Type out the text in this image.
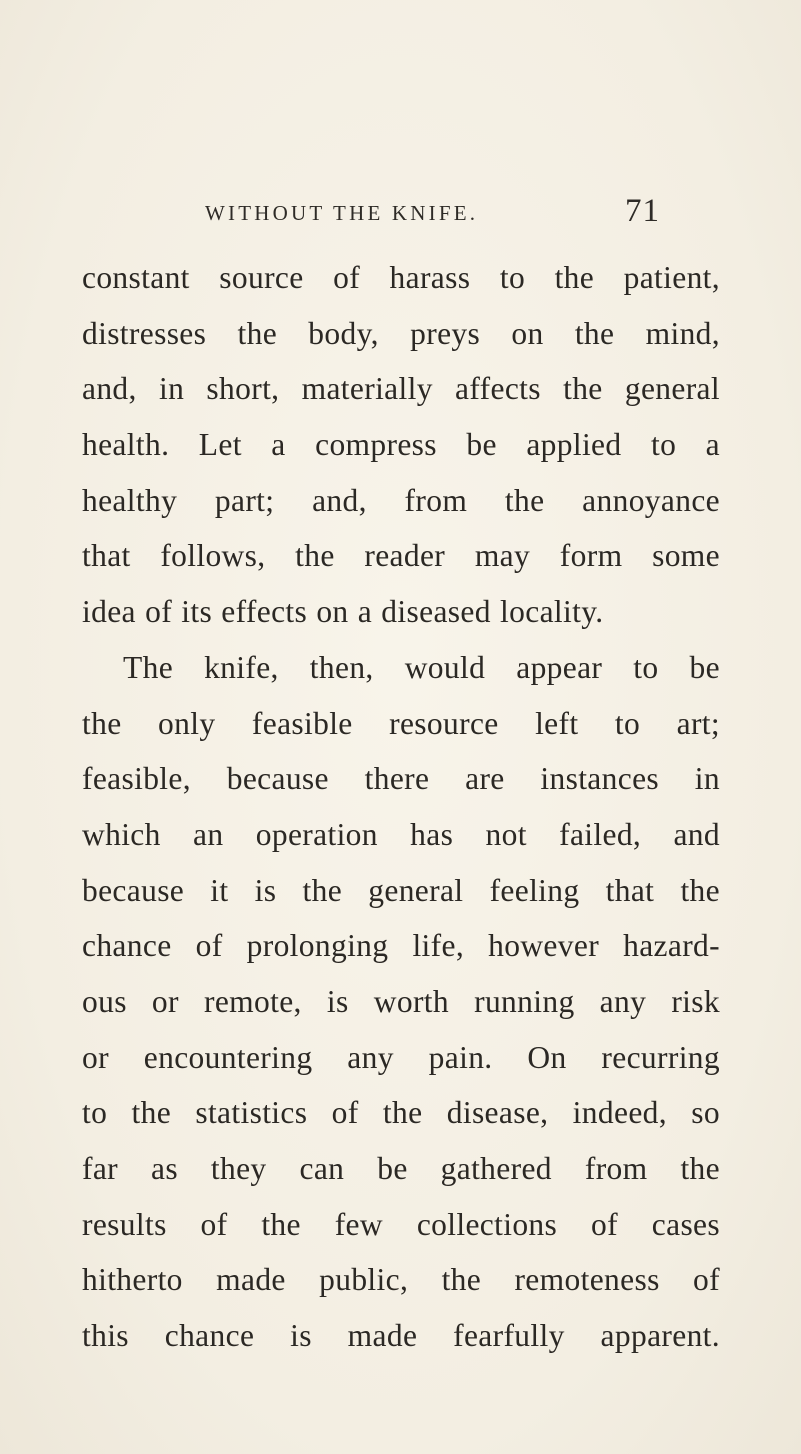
WITHOUT THE KNIFE.	71
constant source of harass to the patient,
distresses the body, preys on the mind,
and, in short, materially affects the general
health. Let a compress be applied to a
healthy part; and, from the annoyance
that follows, the reader may form some
idea of its effects on a diseased locality.
The knife, then, would appear to be
the only feasible resource left to art;
feasible, because there are instances in
which an operation has not failed, and
because it is the general feeling that the
chance of prolonging life, however hazard-
ous or remote, is worth running any risk
or encountering any pain. On recurring
to the statistics of the disease, indeed, so
far as they can be gathered from the
results of the few collections of cases
hitherto made public, the remoteness of
this chance is made fearfully apparent.
